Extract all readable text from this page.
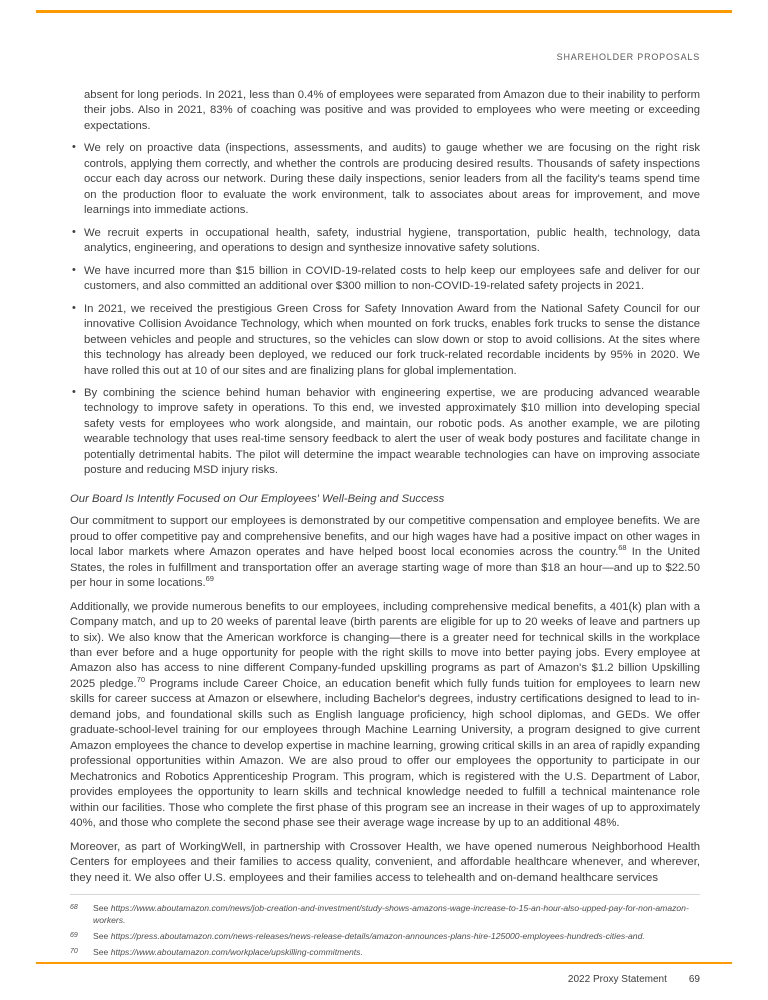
SHAREHOLDER PROPOSALS

absent for long periods. In 2021, less than 0.4% of employees were separated from Amazon due to their inability to perform their jobs. Also in 2021, 83% of coaching was positive and was provided to employees who were meeting or exceeding expectations.

• We rely on proactive data (inspections, assessments, and audits) to gauge whether we are focusing on the right risk controls, applying them correctly, and whether the controls are producing desired results. Thousands of safety inspections occur each day across our network. During these daily inspections, senior leaders from all the facility's teams spend time on the production floor to evaluate the work environment, talk to associates about areas for improvement, and move learnings into immediate actions.
• We recruit experts in occupational health, safety, industrial hygiene, transportation, public health, technology, data analytics, engineering, and operations to design and synthesize innovative safety solutions.
• We have incurred more than $15 billion in COVID-19-related costs to help keep our employees safe and deliver for our customers, and also committed an additional over $300 million to non-COVID-19-related safety projects in 2021.
• In 2021, we received the prestigious Green Cross for Safety Innovation Award from the National Safety Council for our innovative Collision Avoidance Technology, which when mounted on fork trucks, enables fork trucks to sense the distance between vehicles and people and structures, so the vehicles can slow down or stop to avoid collisions. At the sites where this technology has already been deployed, we reduced our fork truck-related recordable incidents by 95% in 2020. We have rolled this out at 10 of our sites and are finalizing plans for global implementation.
• By combining the science behind human behavior with engineering expertise, we are producing advanced wearable technology to improve safety in operations. To this end, we invested approximately $10 million into developing special safety vests for employees who work alongside, and maintain, our robotic pods. As another example, we are piloting wearable technology that uses real-time sensory feedback to alert the user of weak body postures and facilitate change in potentially detrimental habits. The pilot will determine the impact wearable technologies can have on improving associate posture and reducing MSD injury risks.
Our Board Is Intently Focused on Our Employees' Well-Being and Success

Our commitment to support our employees is demonstrated by our competitive compensation and employee benefits. We are proud to offer competitive pay and comprehensive benefits, and our high wages have had a positive impact on other wages in local labor markets where Amazon operates and have helped boost local economies across the country.$^{68}$ In the United States, the roles in fulfillment and transportation offer an average starting wage of more than $18 an hour—and up to $22.50 per hour in some locations.$^{69}$

Additionally, we provide numerous benefits to our employees, including comprehensive medical benefits, a 401(k) plan with a Company match, and up to 20 weeks of parental leave (birth parents are eligible for up to 20 weeks of leave and partners up to six). We also know that the American workforce is changing—there is a greater need for technical skills in the workplace than ever before and a huge opportunity for people with the right skills to move into better paying jobs. Every employee at Amazon also has access to nine different Company-funded upskilling programs as part of Amazon's $1.2 billion Upskilling 2025 pledge.$^{70}$ Programs include Career Choice, an education benefit which fully funds tuition for employees to learn new skills for career success at Amazon or elsewhere, including Bachelor's degrees, industry certifications designed to lead to in-demand jobs, and foundational skills such as English language proficiency, high school diplomas, and GEDs. We offer graduate-school-level training for our employees through Machine Learning University, a program designed to give current Amazon employees the chance to develop expertise in machine learning, growing critical skills in an area of rapidly expanding professional opportunities within Amazon. We are also proud to offer our employees the opportunity to participate in our Mechatronics and Robotics Apprenticeship Program. This program, which is registered with the U.S. Department of Labor, provides employees the opportunity to learn skills and technical knowledge needed to fulfill a technical maintenance role within our facilities. Those who complete the first phase of this program see an increase in their wages of up to approximately 40%, and those who complete the second phase see their average wage increase by up to an additional 48%.

Moreover, as part of WorkingWell, in partnership with Crossover Health, we have opened numerous Neighborhood Health Centers for employees and their families to access quality, convenient, and affordable healthcare whenever, and wherever, they need it. We also offer U.S. employees and their families access to telehealth and on-demand healthcare services

68	See https://www.aboutamazon.com/news/job-creation-and-investment/study-shows-amazons-wage-increase-to-15-an-hour-also-upped-pay-for-non-amazon-workers.
69	See https://press.aboutamazon.com/news-releases/news-release-details/amazon-announces-plans-hire-125000-employees-hundreds-cities-and.
70	See https://www.aboutamazon.com/workplace/upskilling-commitments.
2022 Proxy Statement 69
